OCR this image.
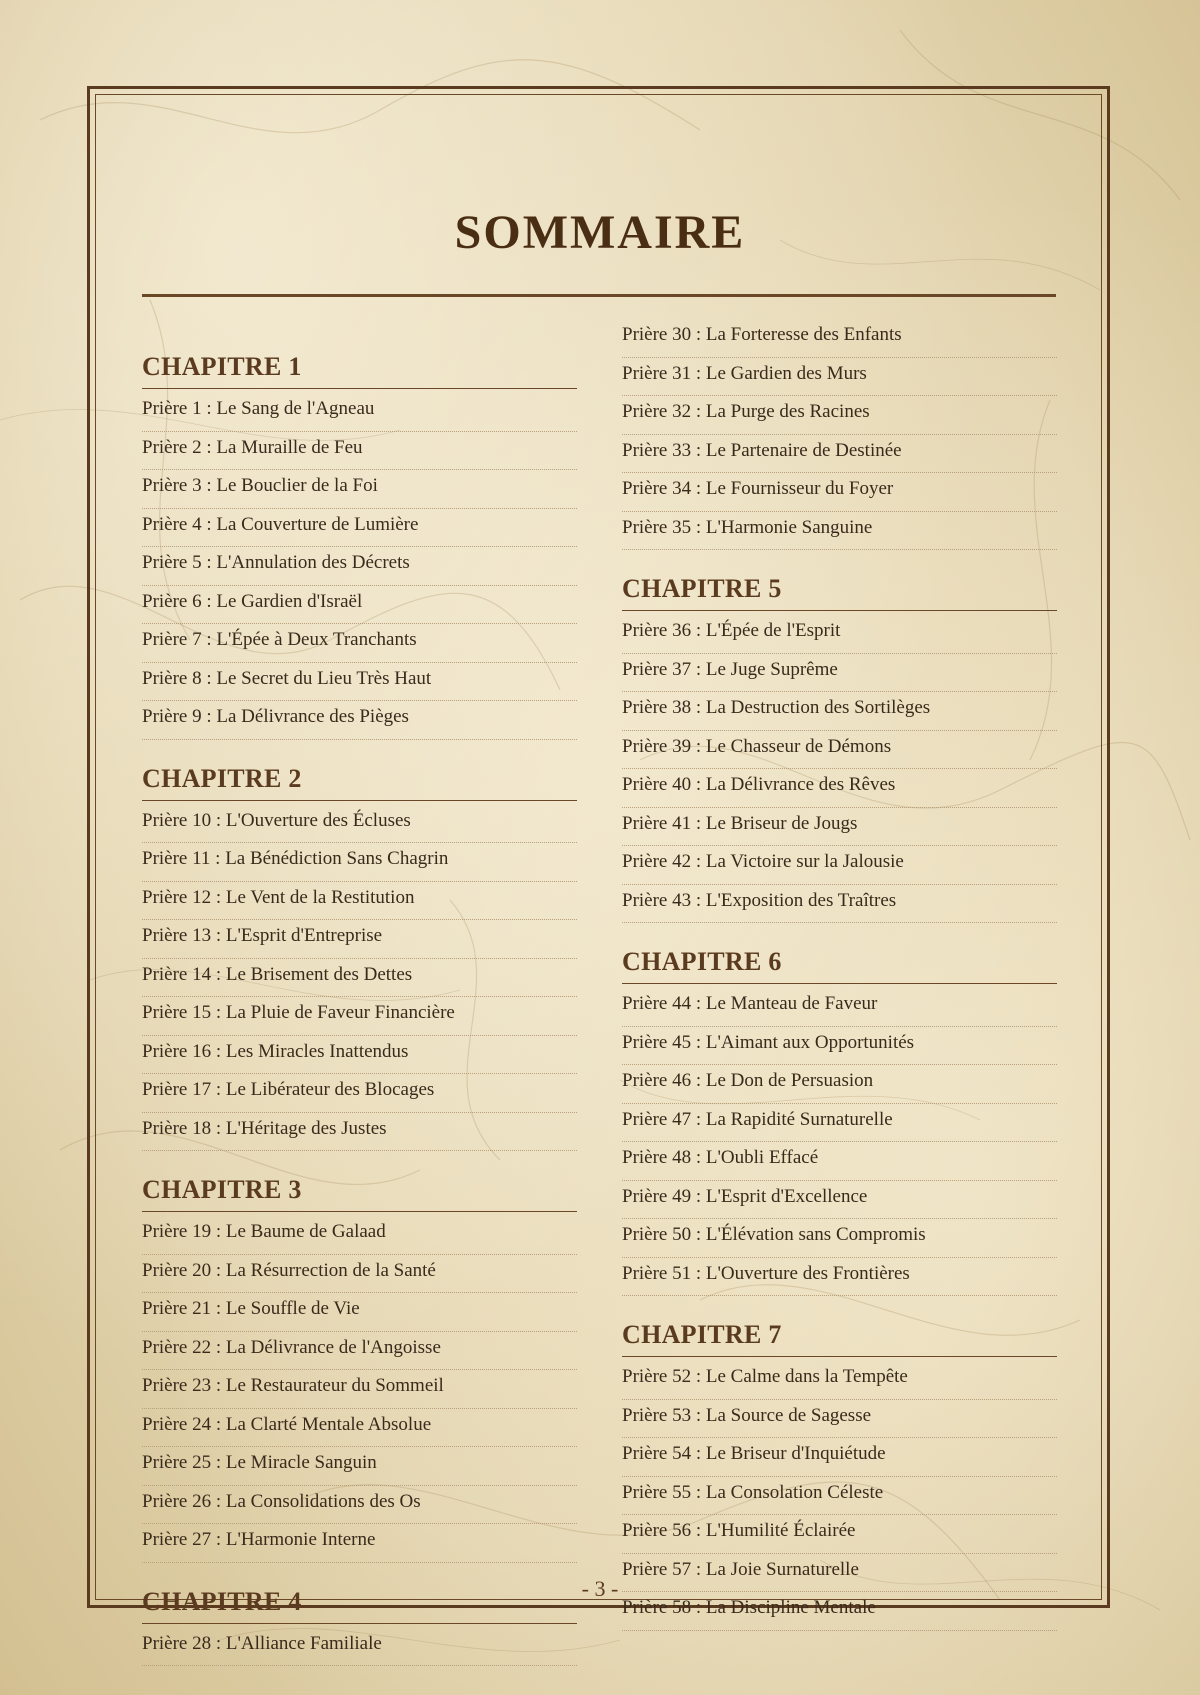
SOMMAIRE
CHAPITRE 1
Prière 1 : Le Sang de l'Agneau
Prière 2 : La Muraille de Feu
Prière 3 : Le Bouclier de la Foi
Prière 4 : La Couverture de Lumière
Prière 5 : L'Annulation des Décrets
Prière 6 : Le Gardien d'Israël
Prière 7 : L'Épée à Deux Tranchants
Prière 8 : Le Secret du Lieu Très Haut
Prière 9 : La Délivrance des Pièges
CHAPITRE 2
Prière 10 : L'Ouverture des Écluses
Prière 11 : La Bénédiction Sans Chagrin
Prière 12 : Le Vent de la Restitution
Prière 13 : L'Esprit d'Entreprise
Prière 14 : Le Brisement des Dettes
Prière 15 : La Pluie de Faveur Financière
Prière 16 : Les Miracles Inattendus
Prière 17 : Le Libérateur des Blocages
Prière 18 : L'Héritage des Justes
CHAPITRE 3
Prière 19 : Le Baume de Galaad
Prière 20 : La Résurrection de la Santé
Prière 21 : Le Souffle de Vie
Prière 22 : La Délivrance de l'Angoisse
Prière 23 : Le Restaurateur du Sommeil
Prière 24 : La Clarté Mentale Absolue
Prière 25 : Le Miracle Sanguin
Prière 26 : La Consolidations des Os
Prière 27 : L'Harmonie Interne
CHAPITRE 4
Prière 28 : L'Alliance Familiale
Prière 30 : La Forteresse des Enfants
Prière 31 : Le Gardien des Murs
Prière 32 : La Purge des Racines
Prière 33 : Le Partenaire de Destinée
Prière 34 : Le Fournisseur du Foyer
Prière 35 : L'Harmonie Sanguine
CHAPITRE 5
Prière 36 : L'Épée de l'Esprit
Prière 37 : Le Juge Suprême
Prière 38 : La Destruction des Sortilèges
Prière 39 : Le Chasseur de Démons
Prière 40 : La Délivrance des Rêves
Prière 41 : Le Briseur de Jougs
Prière 42 : La Victoire sur la Jalousie
Prière 43 : L'Exposition des Traîtres
CHAPITRE 6
Prière 44 : Le Manteau de Faveur
Prière 45 : L'Aimant aux Opportunités
Prière 46 : Le Don de Persuasion
Prière 47 : La Rapidité Surnaturelle
Prière 48 : L'Oubli Effacé
Prière 49 : L'Esprit d'Excellence
Prière 50 : L'Élévation sans Compromis
Prière 51 : L'Ouverture des Frontières
CHAPITRE 7
Prière 52 : Le Calme dans la Tempête
Prière 53 : La Source de Sagesse
Prière 54 : Le Briseur d'Inquiétude
Prière 55 : La Consolation Céleste
Prière 56 : L'Humilité Éclairée
Prière 57 : La Joie Surnaturelle
Prière 58 : La Discipline Mentale
- 3 -
